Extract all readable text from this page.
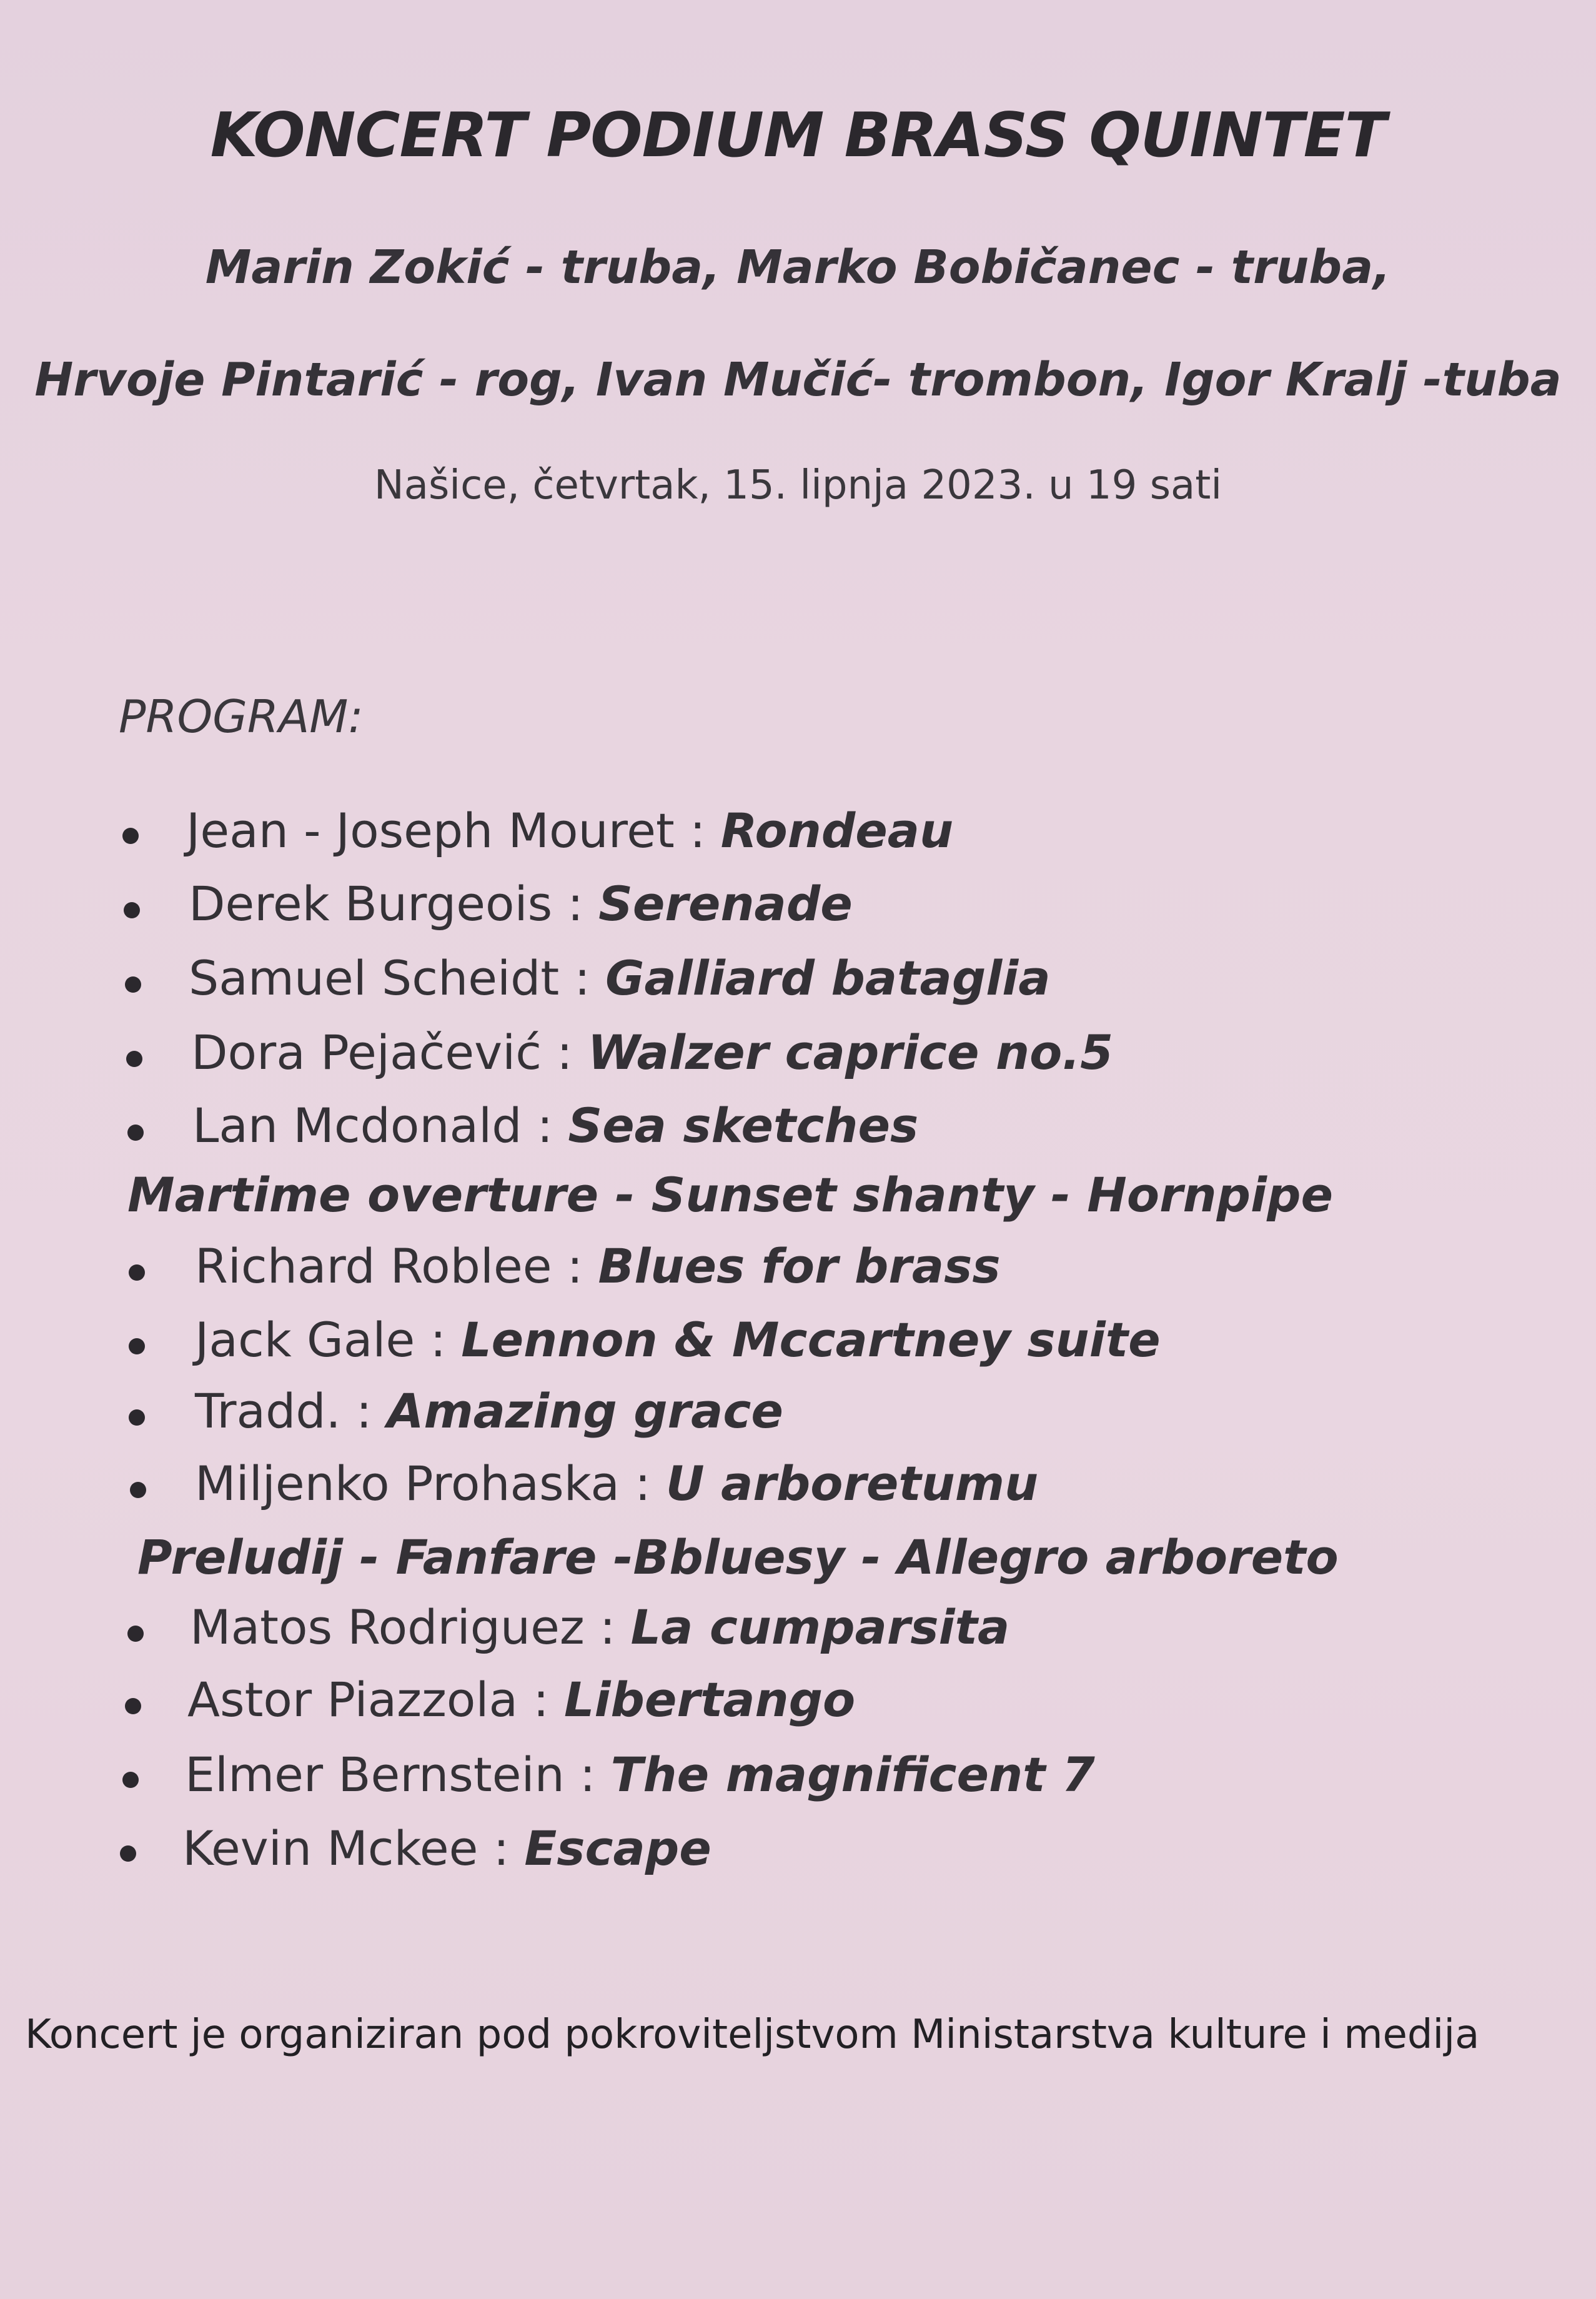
KONCERT PODIUM BRASS QUINTET
Marin Zokić - truba, Marko Bobičanec - truba,
Hrvoje Pintarić - rog, Ivan Mučić- trombon, Igor Kralj -tuba
Našice, četvrtak, 15. lipnja 2023. u 19 sati
PROGRAM:
Jean - Joseph Mouret : Rondeau
Derek Burgeois : Serenade
Samuel Scheidt : Galliard bataglia
Dora Pejačević : Walzer caprice no.5
Lan Mcdonald : Sea sketches
Martime overture - Sunset shanty - Hornpipe
Richard Roblee : Blues for brass
Jack Gale : Lennon & Mccartney suite
Tradd. : Amazing grace
Miljenko Prohaska : U arboretumu
Preludij - Fanfare -Bbluesy - Allegro arboreto
Matos Rodriguez : La cumparsita
Astor Piazzola : Libertango
Elmer Bernstein : The magnificent 7
Kevin Mckee : Escape
Koncert je organiziran pod pokroviteljstvom Ministarstva kulture i medija
